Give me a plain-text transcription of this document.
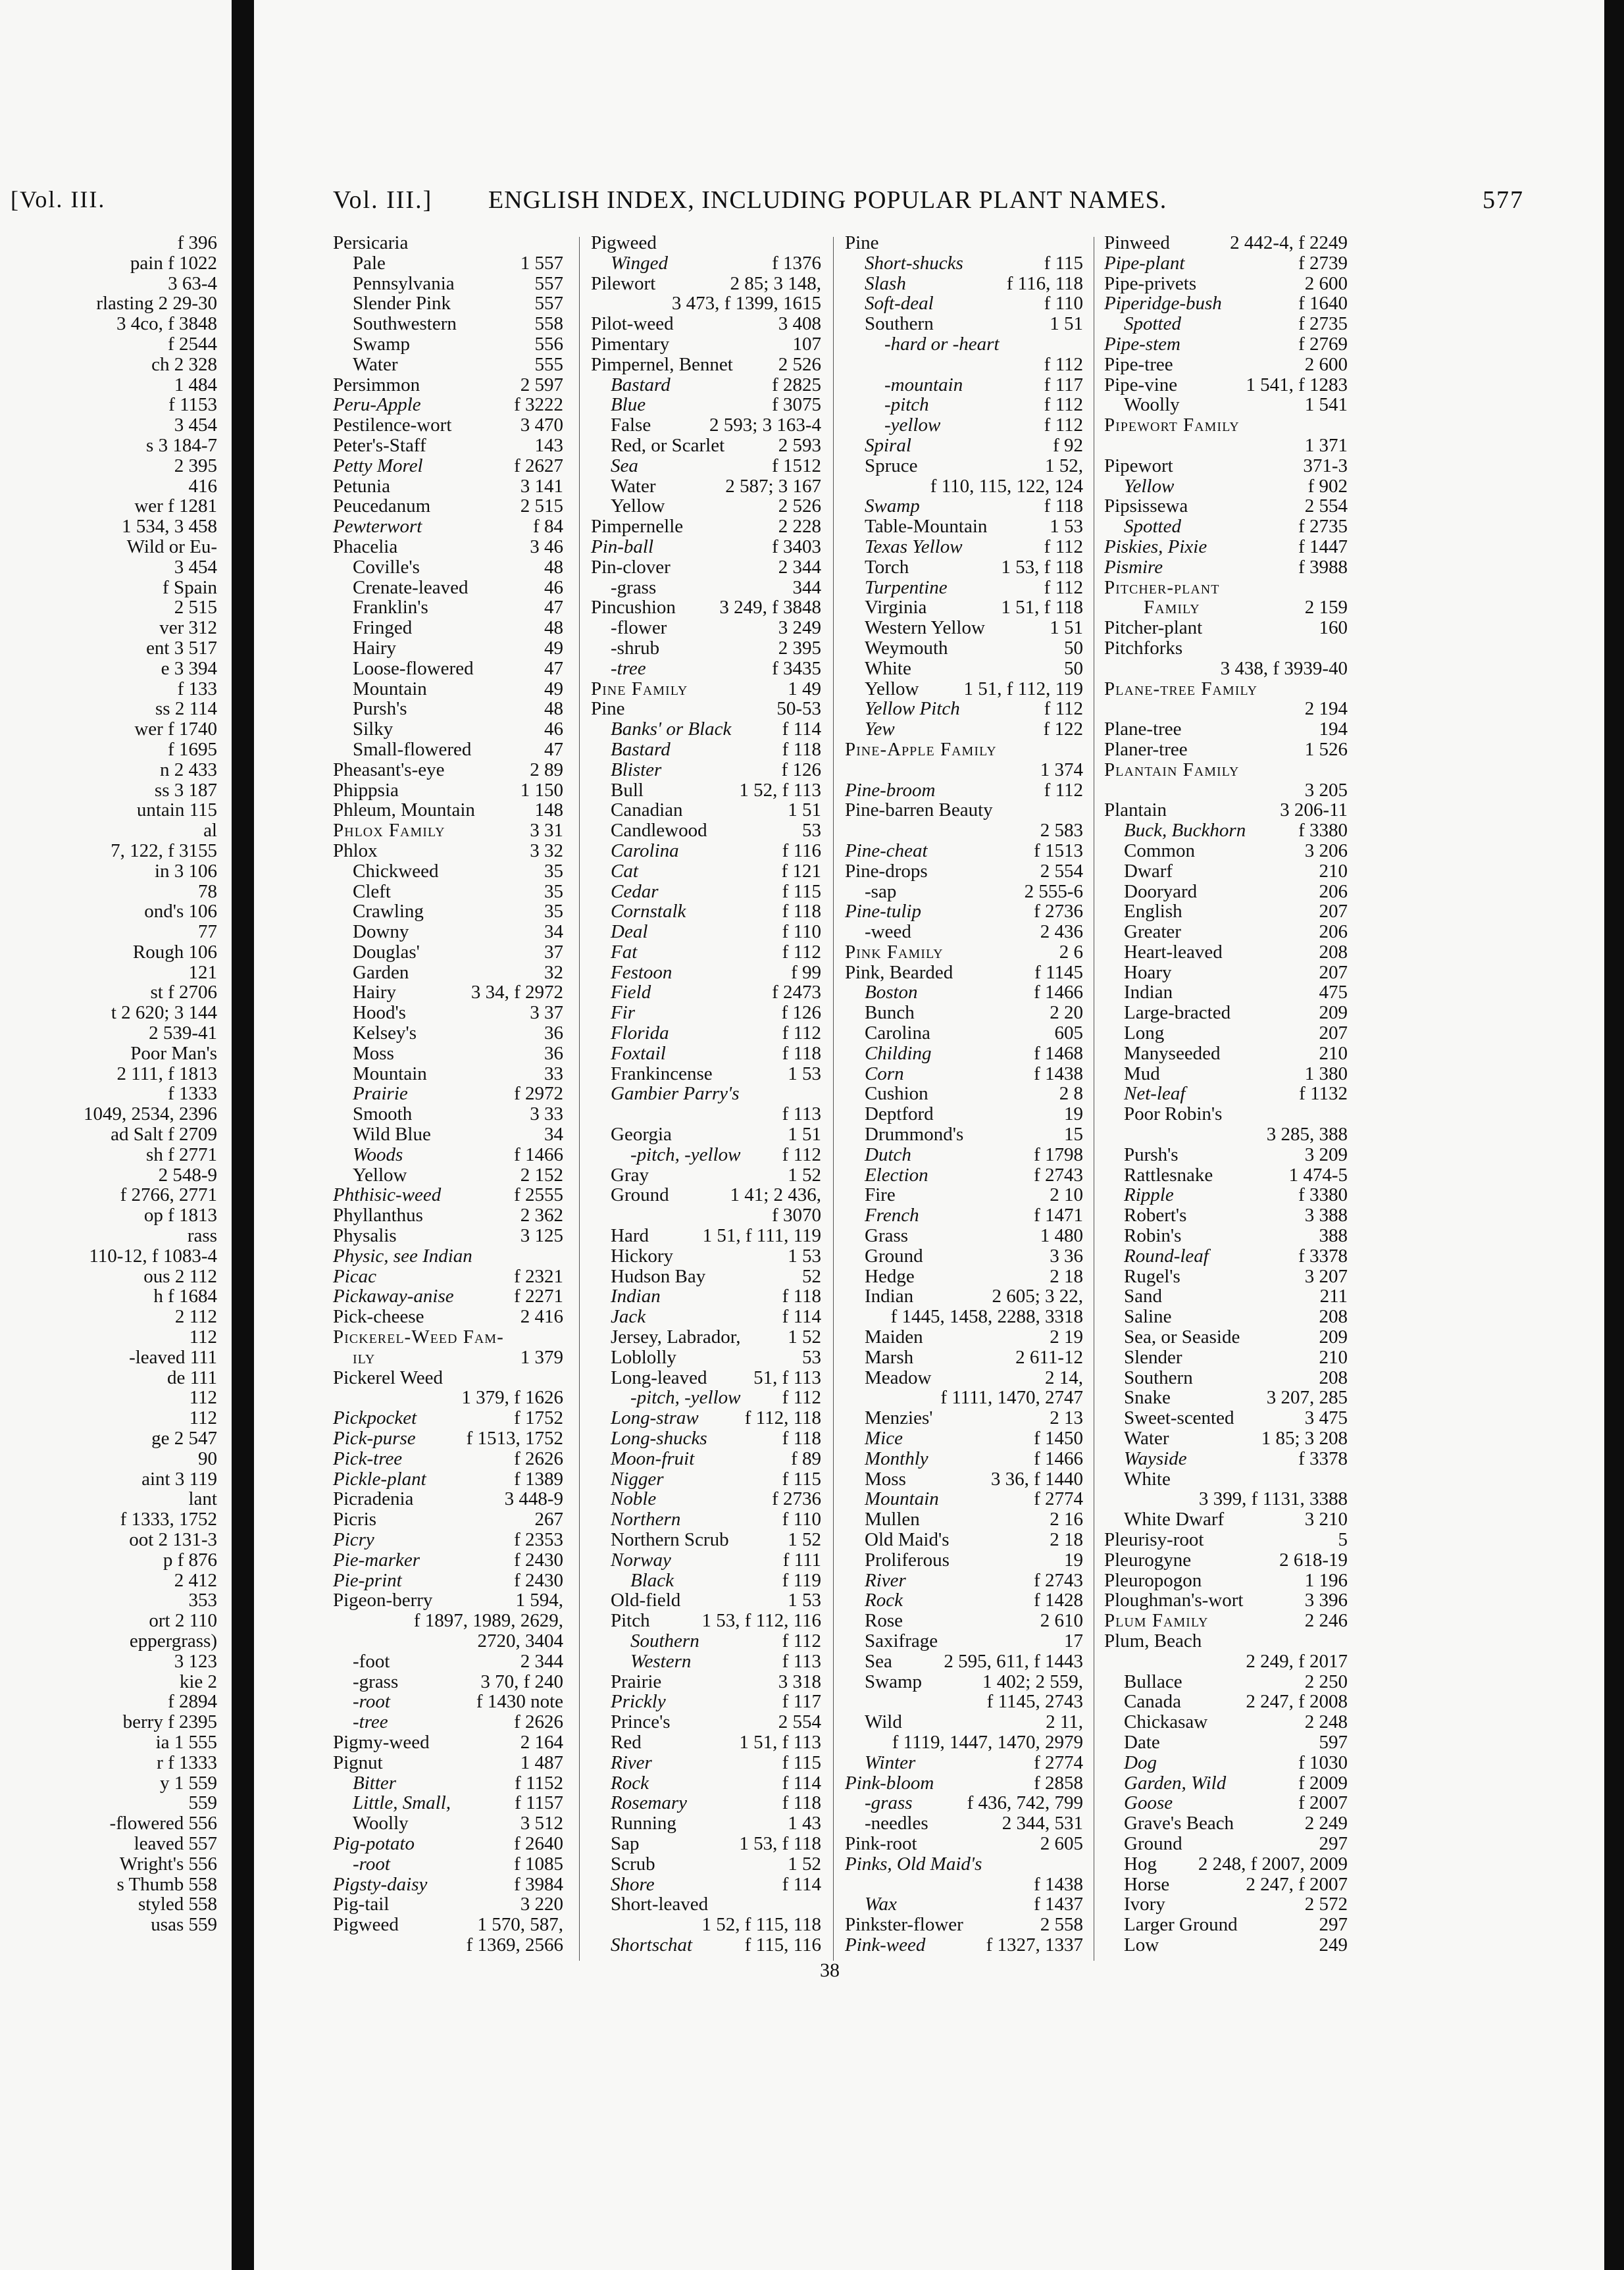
[Vol. III.
f 396
pain f 1022
3 63-4
rlasting 2 29-30
3 4co, f 3848
f 2544
ch 2 328
1 484
f 1153
3 454
s 3 184-7
2 395
416
wer f 1281
1 534, 3 458
Wild or Eu-
3 454
f Spain
2 515
ver 312
ent 3 517
e 3 394
f 133
ss 2 114
wer f 1740
f 1695
n 2 433
ss 3 187
untain 115
al
7, 122, f 3155
in 3 106
78
ond's 106
77
Rough 106
121
st f 2706
t 2 620; 3 144
2 539-41
Poor Man's
2 111, f 1813
f 1333
1049, 2534, 2396
ad Salt f 2709
sh f 2771
2 548-9
f 2766, 2771
op f 1813
rass
110-12, f 1083-4
ous 2 112
h f 1684
2 112
112
-leaved 111
de 111
112
112
ge 2 547
90
aint 3 119
lant
f 1333, 1752
oot 2 131-3
p f 876
2 412
353
ort 2 110
eppergrass)
3 123
kie 2
f 2894
berry f 2395
ia 1 555
r f 1333
y 1 559
559
-flowered 556
leaved 557
Wright's 556
s Thumb 558
styled 558
usas 559
Vol. III.] ENGLISH INDEX, INCLUDING POPULAR PLANT NAMES.	577
Persicaria
Pale	1 557
Pennsylvania	557
Slender Pink	557
Southwestern	558
Swamp	556
Water	555
Persimmon	2 597
Peru-Apple	f 3222
Pestilence-wort	3 470
Peter's-Staff	143
Petty Morel	f 2627
Petunia	3 141
Peucedanum	2 515
Pewterwort	f 84
Phacelia	3 46
Coville's	48
Crenate-leaved	46
Franklin's	47
Fringed	48
Hairy	49
Loose-flowered	47
Mountain	49
Pursh's	48
Silky	46
Small-flowered	47
Pheasant's-eye	2 89
Phippsia	1 150
Phleum, Mountain	148
Phlox Family	3 31
Phlox	3 32
Chickweed	35
Cleft	35
Crawling	35
Downy	34
Douglas'	37
Garden	32
Hairy	3 34, f 2972
Hood's	3 37
Kelsey's	36
Moss	36
Mountain	33
Prairie	f 2972
Smooth	3 33
Wild Blue	34
Woods	f 1466
Yellow	2 152
Phthisic-weed	f 2555
Phyllanthus	2 362
Physalis	3 125
Physic, see Indian
Picac	f 2321
Pickaway-anise	f 2271
Pick-cheese	2 416
Pickerel-Weed Fam-
ily	1 379
Pickerel Weed
1 379, f 1626
Pickpocket	f 1752
Pick-purse	f 1513, 1752
Pick-tree	f 2626
Pickle-plant	f 1389
Picradenia	3 448-9
Picris	267
Picry	f 2353
Pie-marker	f 2430
Pie-print	f 2430
Pigeon-berry	1 594,
f 1897, 1989, 2629,
2720, 3404
-foot	2 344
-grass	3 70, f 240
-root	f 1430 note
-tree	f 2626
Pigmy-weed	2 164
Pignut	1 487
Bitter	f 1152
Little, Small,	f 1157
Woolly	3 512
Pig-potato	f 2640
-root	f 1085
Pigsty-daisy	f 3984
Pig-tail	3 220
Pigweed	1 570, 587,
f 1369, 2566
Pigweed
Winged	f 1376
Pilewort	2 85; 3 148,
3 473, f 1399, 1615
Pilot-weed	3 408
Pimentary	107
Pimpernel, Bennet 2 526
Bastard	f 2825
Blue	f 3075
False	2 593; 3 163-4
Red, or Scarlet	2 593
Sea	f 1512
Water	2 587; 3 167
Yellow	2 526
Pimpernelle	2 228
Pin-ball	f 3403
Pin-clover	2 344
-grass	344
Pincushion 3 249, f 3848
-flower	3 249
-shrub	2 395
-tree	f 3435
Pine Family	1 49
Pine	50-53
Banks' or Black	f 114
Bastard	f 118
Blister	f 126
Bull	1 52, f 113
Canadian	1 51
Candlewood	53
Carolina	f 116
Cat	f 121
Cedar	f 115
Cornstalk	f 118
Deal	f 110
Fat	f 112
Festoon	f 99
Field	f 2473
Fir	f 126
Florida	f 112
Foxtail	f 118
Frankincense	1 53
Gambier Parry's
f 113
Georgia	1 51
-pitch, -yellow f 112
Gray	1 52
Ground	1 41; 2 436,
f 3070
Hard	1 51, f 111, 119
Hickory	1 53
Hudson Bay	52
Indian	f 118
Jack	f 114
Jersey, Labrador, 1 52
Loblolly	53
Long-leaved 51, f 113
-pitch, -yellow f 112
Long-straw f 112, 118
Long-shucks	f 118
Moon-fruit	f 89
Nigger	f 115
Noble	f 2736
Northern	f 110
Northern Scrub	1 52
Norway	f 111
Black	f 119
Old-field	1 53
Pitch	1 53, f 112, 116
Southern	f 112
Western	f 113
Prairie	3 318
Prickly	f 117
Prince's	2 554
Red	1 51, f 113
River	f 115
Rock	f 114
Rosemary	f 118
Running	1 43
Sap	1 53, f 118
Scrub	1 52
Shore	f 114
Short-leaved
1 52, f 115, 118
Shortschat	f 115, 116
Pine
Short-shucks	f 115
Slash	f 116, 118
Soft-deal	f 110
Southern	1 51
-hard or -heart
f 112
-mountain	f 117
-pitch	f 112
-yellow	f 112
Spiral	f 92
Spruce	1 52,
f 110, 115, 122, 124
Swamp	f 118
Table-Mountain	1 53
Texas Yellow	f 112
Torch	1 53, f 118
Turpentine	f 112
Virginia	1 51, f 118
Western Yellow	1 51
Weymouth	50
White	50
Yellow 1 51, f 112, 119
Yellow Pitch	f 112
Yew	f 122
Pine-Apple Family
1 374
Pine-broom	f 112
Pine-barren Beauty
2 583
Pine-cheat	f 1513
Pine-drops	2 554
-sap	2 555-6
Pine-tulip	f 2736
-weed	2 436
Pink Family	2 6
Pink, Bearded	f 1145
Boston	f 1466
Bunch	2 20
Carolina	605
Childing	f 1468
Corn	f 1438
Cushion	2 8
Deptford	19
Drummond's	15
Dutch	f 1798
Election	f 2743
Fire	2 10
French	f 1471
Grass	1 480
Ground	3 36
Hedge	2 18
Indian	2 605; 3 22,
f 1445, 1458, 2288, 3318
Maiden	2 19
Marsh	2 611-12
Meadow	2 14,
f 1111, 1470, 2747
Menzies'	2 13
Mice	f 1450
Monthly	f 1466
Moss	3 36, f 1440
Mountain	f 2774
Mullen	2 16
Old Maid's	2 18
Proliferous	19
River	f 2743
Rock	f 1428
Rose	2 610
Saxifrage	17
Sea	2 595, 611, f 1443
Swamp	1 402; 2 559,
f 1145, 2743
Wild	2 11,
f 1119, 1447, 1470, 2979
Winter	f 2774
Pink-bloom	f 2858
-grass	f 436, 742, 799
-needles	2 344, 531
Pink-root	2 605
Pinks, Old Maid's
f 1438
Wax	f 1437
Pinkster-flower	2 558
Pink-weed	f 1327, 1337
Pinweed	2 442-4, f 2249
Pipe-plant	f 2739
Pipe-privets	2 600
Piperidge-bush	f 1640
Spotted	f 2735
Pipe-stem	f 2769
Pipe-tree	2 600
Pipe-vine	1 541, f 1283
Woolly	1 541
Pipewort Family
1 371
Pipewort	371-3
Yellow	f 902
Pipsissewa	2 554
Spotted	f 2735
Piskies, Pixie	f 1447
Pismire	f 3988
Pitcher-plant
Family	2 159
Pitcher-plant	160
Pitchforks
3 438, f 3939-40
Plane-tree Family
2 194
Plane-tree	194
Planer-tree	1 526
Plantain Family
3 205
Plantain	3 206-11
Buck, Buckhorn	f 3380
Common	3 206
Dwarf	210
Dooryard	206
English	207
Greater	206
Heart-leaved	208
Hoary	207
Indian	475
Large-bracted	209
Long	207
Manyseeded	210
Mud	1 380
Net-leaf	f 1132
Poor Robin's
3 285, 388
Pursh's	3 209
Rattlesnake	1 474-5
Ripple	f 3380
Robert's	3 388
Robin's	388
Round-leaf	f 3378
Rugel's	3 207
Sand	211
Saline	208
Sea, or Seaside	209
Slender	210
Southern	208
Snake	3 207, 285
Sweet-scented	3 475
Water	1 85; 3 208
Wayside	f 3378
White
3 399, f 1131, 3388
White Dwarf	3 210
Pleurisy-root	5
Pleurogyne	2 618-19
Pleuropogon	1 196
Ploughman's-wort	3 396
Plum Family	2 246
Plum, Beach
2 249, f 2017
Bullace	2 250
Canada	2 247, f 2008
Chickasaw	2 248
Date	597
Dog	f 1030
Garden, Wild	f 2009
Goose	f 2007
Grave's Beach	2 249
Ground	297
Hog 2 248, f 2007, 2009
Horse	2 247, f 2007
Ivory	2 572
Larger Ground	297
Low	249
38
